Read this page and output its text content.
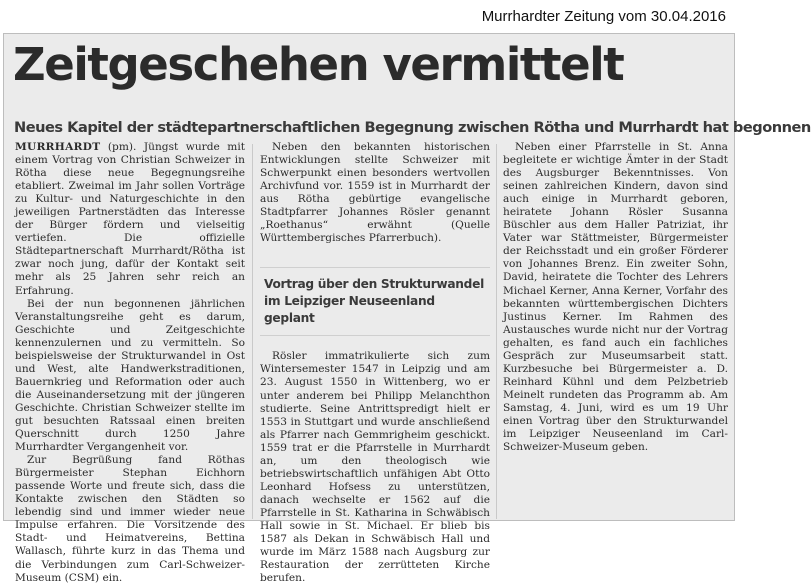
Murrhardter Zeitung vom 30.04.2016
Zeitgeschehen vermittelt
Neues Kapitel der städtepartnerschaftlichen Begegnung zwischen Rötha und Murrhardt hat begonnen

MURRHARDT (pm). Jüngst wurde mit einem Vortrag von Christian Schweizer in Rötha diese neue Begegnungsreihe etabliert. Zweimal im Jahr sollen Vorträge zu Kultur- und Naturgeschichte in den jeweiligen Partnerstädten das Interesse der Bürger fördern und vielseitig vertiefen. Die offizielle Städtepartnerschaft Murrhardt/Rötha ist zwar noch jung, dafür der Kontakt seit mehr als 25 Jahren sehr reich an Erfahrung.

Bei der nun begonnenen jährlichen Veranstaltungsreihe geht es darum, Geschichte und Zeitgeschichte kennenzulernen und zu vermitteln. So beispielsweise der Strukturwandel in Ost und West, alte Handwerkstraditionen, Bauernkrieg und Reformation oder auch die Auseinandersetzung mit der jüngeren Geschichte. Christian Schweizer stellte im gut besuchten Ratssaal einen breiten Querschnitt durch 1250 Jahre Murrhardter Vergangenheit vor.

Zur Begrüßung fand Röthas Bürgermeister Stephan Eichhorn passende Worte und freute sich, dass die Kontakte zwischen den Städten so lebendig sind und immer wieder neue Impulse erfahren. Die Vorsitzende des Stadt- und Heimatvereins, Bettina Wallasch, führte kurz in das Thema und die Verbindungen zum Carl-Schweizer-Museum (CSM) ein.

Neben den bekannten historischen Entwicklungen stellte Schweizer mit Schwerpunkt einen besonders wertvollen Archivfund vor. 1559 ist in Murrhardt der aus Rötha gebürtige evangelische Stadtpfarrer Johannes Rösler genannt „Roethanus“ erwähnt (Quelle Württembergisches Pfarrerbuch).

Vortrag über den Strukturwandel im Leipziger Neuseenland geplant

Rösler immatrikulierte sich zum Wintersemester 1547 in Leipzig und am 23. August 1550 in Wittenberg, wo er unter anderem bei Philipp Melanchthon studierte. Seine Antrittspredigt hielt er 1553 in Stuttgart und wurde anschließend als Pfarrer nach Gemmrigheim geschickt. 1559 trat er die Pfarrstelle in Murrhardt an, um den theologisch wie betriebswirtschaftlich unfähigen Abt Otto Leonhard Hofsess zu unterstützen, danach wechselte er 1562 auf die Pfarrstelle in St. Katharina in Schwäbisch Hall sowie in St. Michael. Er blieb bis 1587 als Dekan in Schwäbisch Hall und wurde im März 1588 nach Augsburg zur Restauration der zerrütteten Kirche berufen.

Neben einer Pfarrstelle in St. Anna begleitete er wichtige Ämter in der Stadt des Augsburger Bekenntnisses. Von seinen zahlreichen Kindern, davon sind auch einige in Murrhardt geboren, heiratete Johann Rösler Susanna Büschler aus dem Haller Patriziat, ihr Vater war Stättmeister, Bürgermeister der Reichsstadt und ein großer Förderer von Johannes Brenz. Ein zweiter Sohn, David, heiratete die Tochter des Lehrers Michael Kerner, Anna Kerner, Vorfahr des bekannten württembergischen Dichters Justinus Kerner. Im Rahmen des Austausches wurde nicht nur der Vortrag gehalten, es fand auch ein fachliches Gespräch zur Museumsarbeit statt. Kurzbesuche bei Bürgermeister a. D. Reinhard Kühnl und dem Pelzbetrieb Meinelt rundeten das Programm ab. Am Samstag, 4. Juni, wird es um 19 Uhr einen Vortrag über den Strukturwandel im Leipziger Neuseenland im Carl-Schweizer-Museum geben.
